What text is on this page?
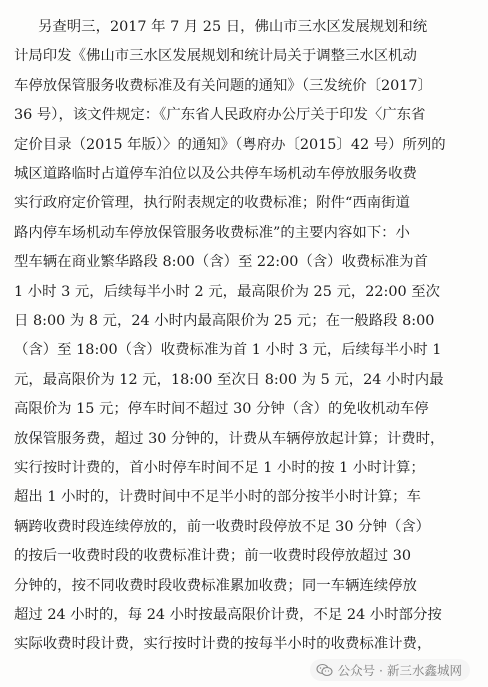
另查明三，2017 年 7 月 25 日，佛山市三水区发展规划和统
计局印发《佛山市三水区发展规划和统计局关于调整三水区机动
车停放保管服务收费标准及有关问题的通知》（三发统价〔2017〕
36 号），该文件规定：《广东省人民政府办公厅关于印发〈广东省
定价目录（2015 年版）〉的通知》（粤府办〔2015〕42 号）所列的
城区道路临时占道停车泊位以及公共停车场机动车停放服务收费
实行政府定价管理，执行附表规定的收费标准；附件“西南街道
路内停车场机动车停放保管服务收费标准”的主要内容如下：小
型车辆在商业繁华路段 8:00（含）至 22:00（含）收费标准为首
1 小时 3 元，后续每半小时 2 元，最高限价为 25 元，22:00 至次
日 8:00 为 8 元，24 小时内最高限价为 25 元；在一般路段 8:00
（含）至 18:00（含）收费标准为首 1 小时 3 元，后续每半小时 1
元，最高限价为 12 元，18:00 至次日 8:00 为 5 元，24 小时内最
高限价为 15 元；停车时间不超过 30 分钟（含）的免收机动车停
放保管服务费，超过 30 分钟的，计费从车辆停放起计算；计费时，
实行按时计费的，首小时停车时间不足 1 小时的按 1 小时计算；
超出 1 小时的，计费时间中不足半小时的部分按半小时计算；车
辆跨收费时段连续停放的，前一收费时段停放不足 30 分钟（含）
的按后一收费时段的收费标准计费；前一收费时段停放超过 30
分钟的，按不同收费时段收费标准累加收费；同一车辆连续停放
超过 24 小时的，每 24 小时按最高限价计费，不足 24 小时部分按
实际收费时段计费，实行按时计费的按每半小时的收费标准计费，
公众号 · 新三水鑫城网
